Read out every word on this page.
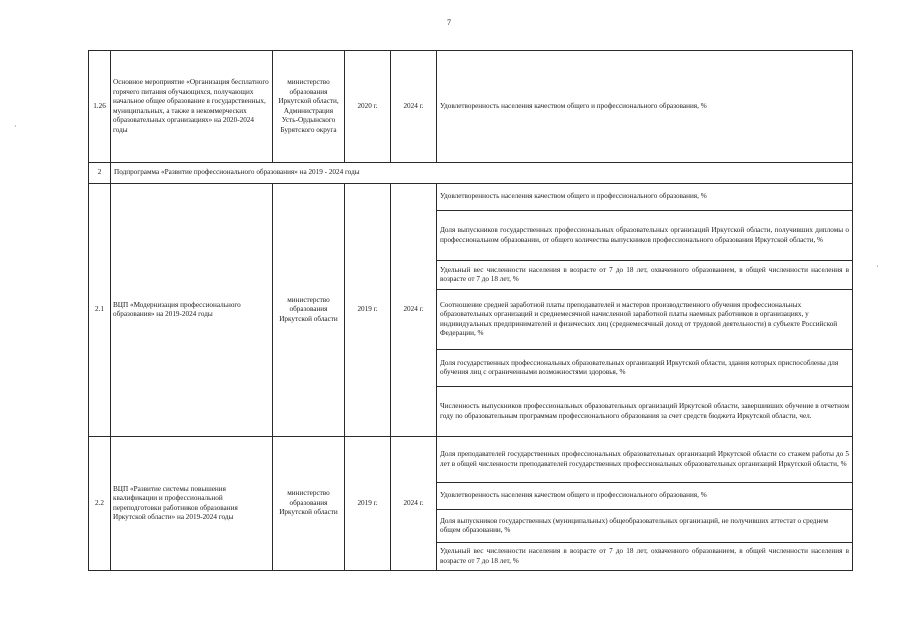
7
·
·
1.26	Основное мероприятие «Организация бесплатного горячего питания обучающихся, получающих начальное общее образование в государственных, муниципальных, а также в некоммерческих образовательных организациях» на 2020-2024 годы	министерство образования Иркутской области, Администрация Усть-Ордынского Бурятского округа	2020 г.	2024 г.	Удовлетворенность населения качеством общего и профессионального образования, %
2	Подпрограмма «Развитие профессионального образования» на 2019 - 2024 годы				
2.1	ВЦП «Модернизация профессионального образования» на 2019-2024 годы	министерство образования Иркутской области	2019 г.	2024 г.	Удовлетворенность населения качеством общего и профессионального образования, %
					Доля выпускников государственных профессиональных образовательных организаций Иркутской области, получивших дипломы о профессиональном образовании, от общего количества выпускников профессионального образования Иркутской области, %
					Удельный вес численности населения в возрасте от 7 до 18 лет, охваченного образованием, в общей численности населения в возрасте от 7 до 18 лет, %
					Соотношение средней заработной платы преподавателей и мастеров производственного обучения профессиональных образовательных организаций и среднемесячной начисленной заработной платы наемных работников в организациях, у индивидуальных предпринимателей и физических лиц (среднемесячный доход от трудовой деятельности) в субъекте Российской Федерации, %
					Доля государственных профессиональных образовательных организаций Иркутской области, здания которых приспособлены для обучения лиц с ограниченными возможностями здоровья, %
					Численность выпускников профессиональных образовательных организаций Иркутской области, завершивших обучение в отчетном году по образовательным программам профессионального образования за счет средств бюджета Иркутской области, чел.
2.2	ВЦП «Развитие системы повышения квалификации и профессиональной переподготовки работников образования Иркутской области» на 2019-2024 годы	министерство образования Иркутской области	2019 г.	2024 г.	Доля преподавателей государственных профессиональных образовательных организаций Иркутской области со стажем работы до 5 лет в общей численности преподавателей государственных профессиональных образовательных организаций Иркутской области, %
					Удовлетворенность населения качеством общего и профессионального образования, %
					Доля выпускников государственных (муниципальных) общеобразовательных организаций, не получивших аттестат о среднем общем образовании, %
					Удельный вес численности населения в возрасте от 7 до 18 лет, охваченного образованием, в общей численности населения в возрасте от 7 до 18 лет, %
